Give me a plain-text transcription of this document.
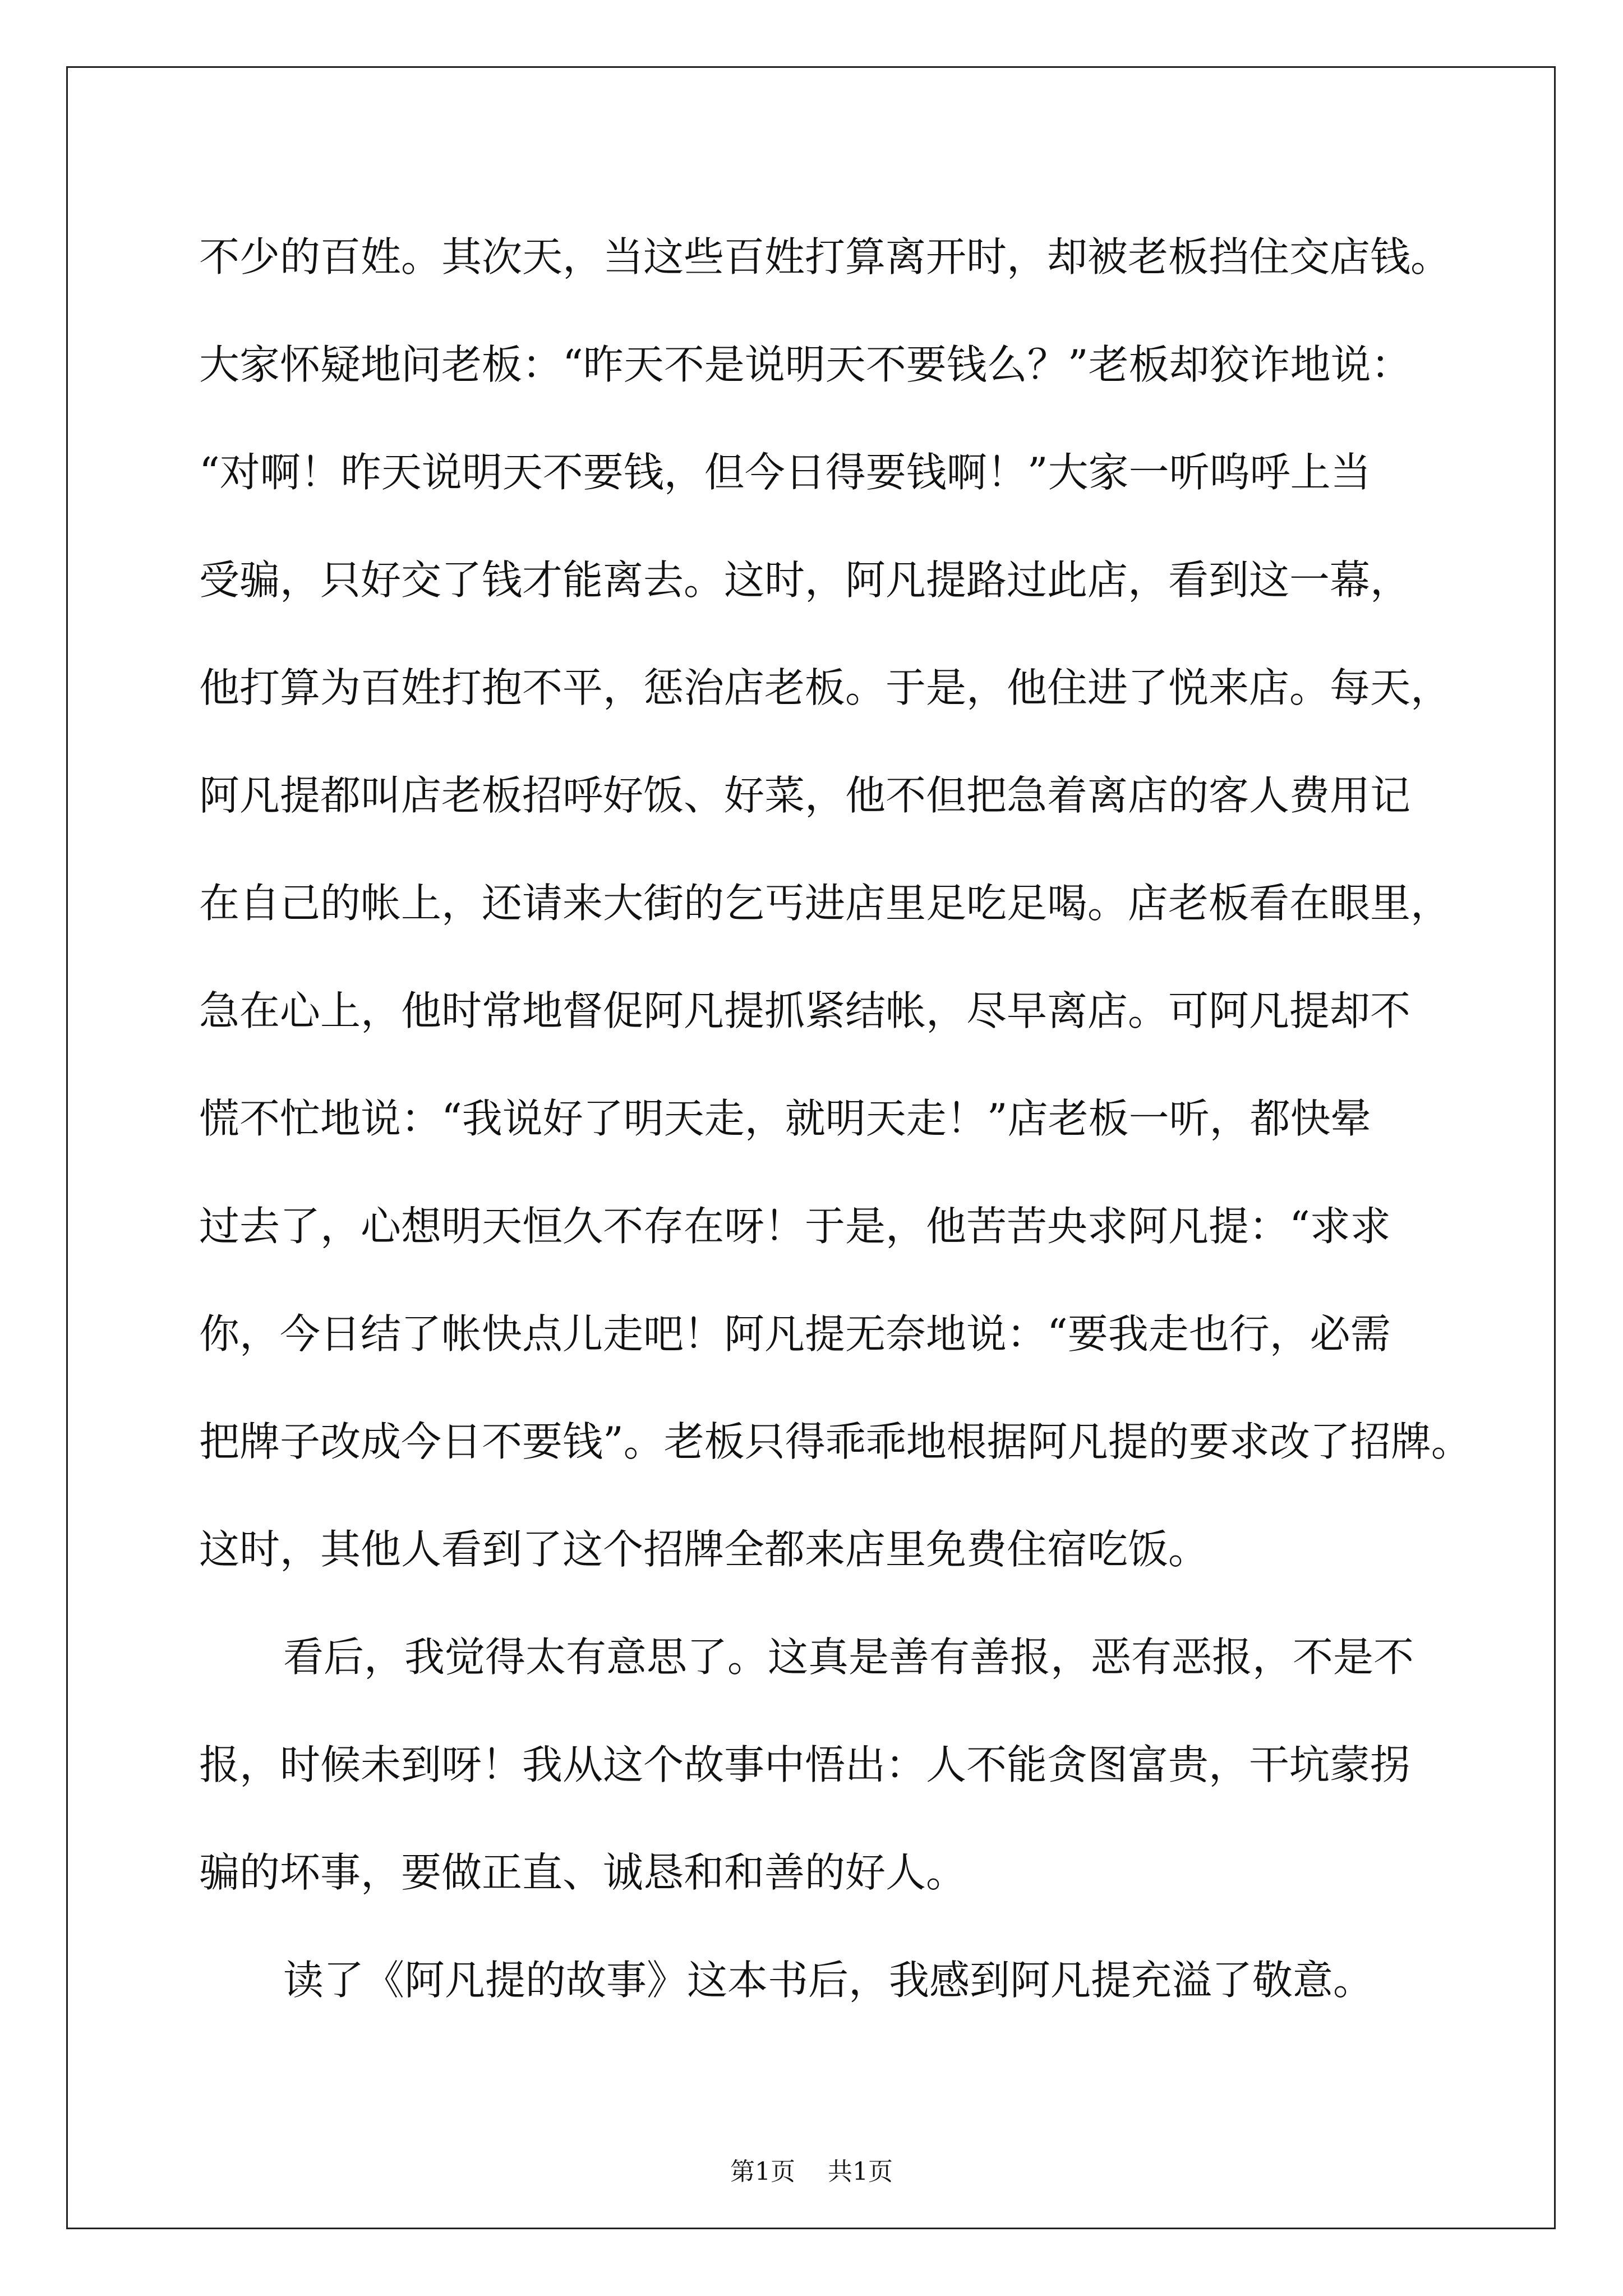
不少的百姓。其次天，当这些百姓打算离开时，却被老板挡住交店钱。
大家怀疑地问老板：“昨天不是说明天不要钱么？”老板却狡诈地说：
“对啊！昨天说明天不要钱，但今日得要钱啊！”大家一听呜呼上当
受骗，只好交了钱才能离去。这时，阿凡提路过此店，看到这一幕，
他打算为百姓打抱不平，惩治店老板。于是，他住进了悦来店。每天，
阿凡提都叫店老板招呼好饭、好菜，他不但把急着离店的客人费用记
在自己的帐上，还请来大街的乞丐进店里足吃足喝。店老板看在眼里，
急在心上，他时常地督促阿凡提抓紧结帐，尽早离店。可阿凡提却不
慌不忙地说：“我说好了明天走，就明天走！”店老板一听，都快晕
过去了，心想明天恒久不存在呀！于是，他苦苦央求阿凡提：“求求
你，今日结了帐快点儿走吧！阿凡提无奈地说：“要我走也行，必需
把牌子改成今日不要钱”。老板只得乖乖地根据阿凡提的要求改了招牌。
这时，其他人看到了这个招牌全都来店里免费住宿吃饭。
看后，我觉得太有意思了。这真是善有善报，恶有恶报，不是不
报，时候未到呀！我从这个故事中悟出：人不能贪图富贵，干坑蒙拐
骗的坏事，要做正直、诚恳和和善的好人。
读了《阿凡提的故事》这本书后，我感到阿凡提充溢了敬意。
第1页 共1页
